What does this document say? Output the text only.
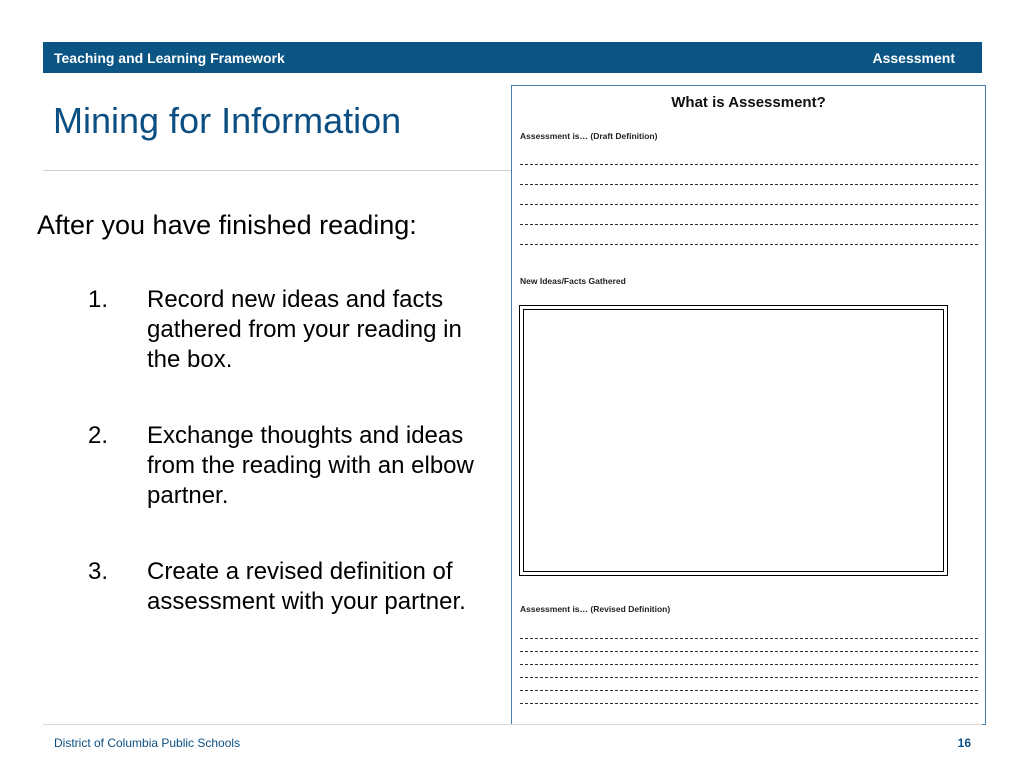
Teaching and Learning Framework	Assessment
Mining for Information
After you have finished reading:
1. Record new ideas and facts gathered from your reading in the box.
2. Exchange thoughts and ideas from the reading with an elbow partner.
3. Create a revised definition of assessment with your partner.
What is Assessment?
Assessment is… (Draft Definition)
New Ideas/Facts Gathered
Assessment is… (Revised Definition)
District of Columbia Public Schools	16
